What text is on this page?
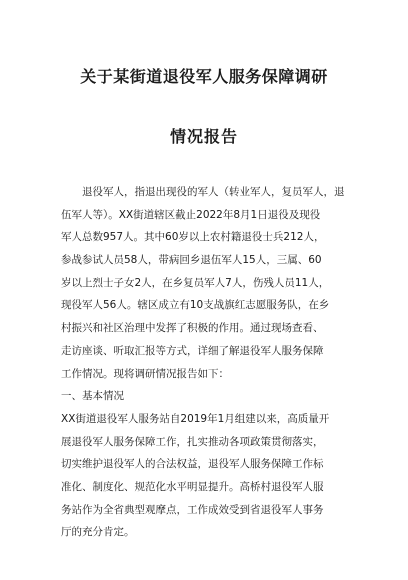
关于某街道退役军人服务保障调研
情况报告
退役军人，指退出现役的军人（转业军人，复员军人，退
伍军人等）。XX街道辖区截止2022年8月1日退役及现役
军人总数957人。其中60岁以上农村籍退役士兵212人，
参战参试人员58人，带病回乡退伍军人15人，三属、60
岁以上烈士子女2人，在乡复员军人7人，伤残人员11人，
现役军人56人。辖区成立有10支战旗红志愿服务队，在乡
村振兴和社区治理中发挥了积极的作用。通过现场查看、
走访座谈、听取汇报等方式，详细了解退役军人服务保障
工作情况。现将调研情况报告如下：
一、基本情况
XX街道退役军人服务站自2019年1月组建以来，高质量开
展退役军人服务保障工作，扎实推动各项政策贯彻落实，
切实维护退役军人的合法权益，退役军人服务保障工作标
准化、制度化、规范化水平明显提升。高桥村退役军人服
务站作为全省典型观摩点，工作成效受到省退役军人事务
厅的充分肯定。
